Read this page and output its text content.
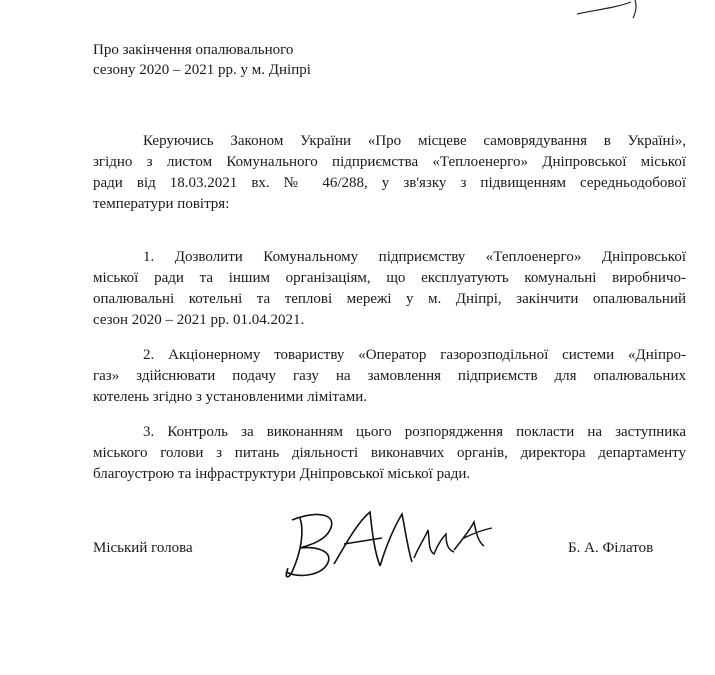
Про закінчення опалювального
сезону 2020 – 2021 рр. у м. Дніпрі
Керуючись Законом України «Про місцеве самоврядування в Україні»,
згідно з листом Комунального підприємства «Теплоенерго» Дніпровської міської
ради від 18.03.2021 вх. № 46/288, у зв'язку з підвищенням середньодобової
температури повітря:
1. Дозволити Комунальному підприємству «Теплоенерго» Дніпровської
міської ради та іншим організаціям, що експлуатують комунальні виробничо-
опалювальні котельні та теплові мережі у м. Дніпрі, закінчити опалювальний
сезон 2020 – 2021 рр. 01.04.2021.
2. Акціонерному товариству «Оператор газорозподільної системи «Дніпро-
газ» здійснювати подачу газу на замовлення підприємств для опалювальних
котелень згідно з установленими лімітами.
3. Контроль за виконанням цього розпорядження покласти на заступника
міського голови з питань діяльності виконавчих органів, директора департаменту
благоустрою та інфраструктури Дніпровської міської ради.
Міський голова	Б. А. Філатов
